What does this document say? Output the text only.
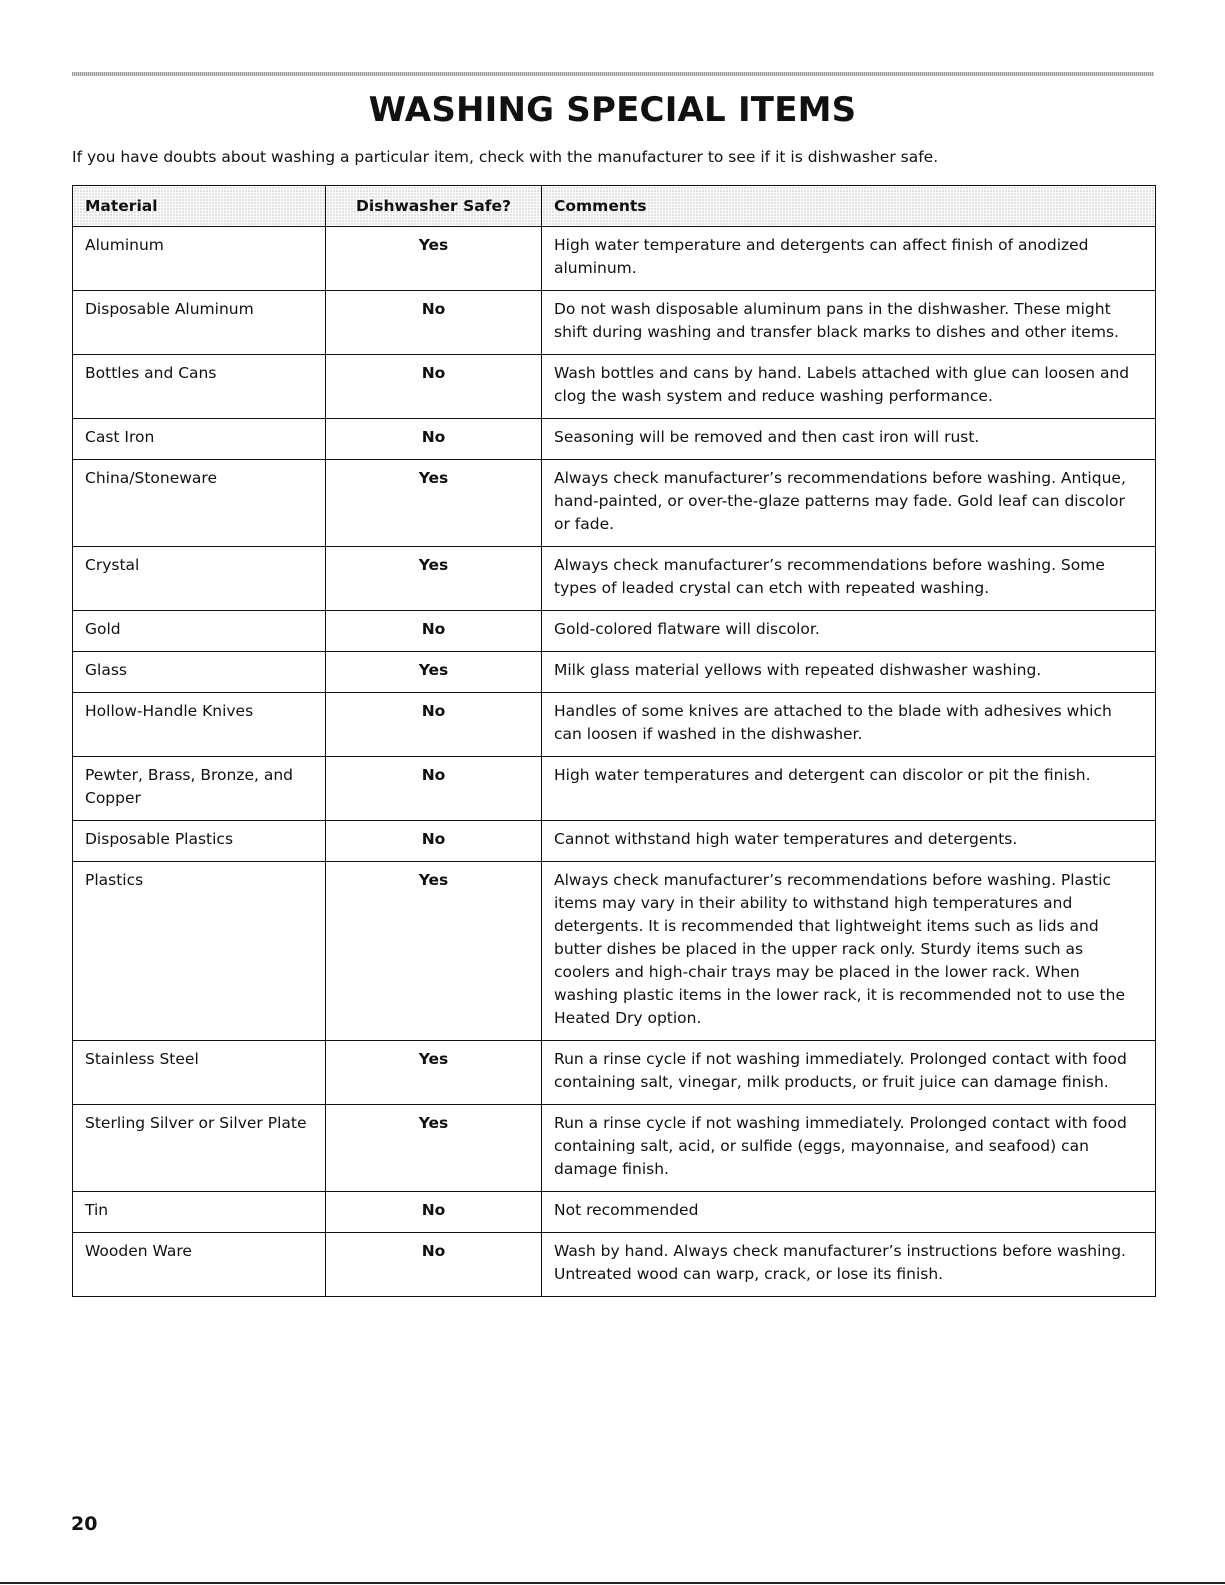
WASHING SPECIAL ITEMS

If you have doubts about washing a particular item, check with the manufacturer to see if it is dishwasher safe.

Material	Dishwasher Safe?	Comments
Aluminum	Yes	High water temperature and detergents can affect finish of anodized aluminum.
Disposable Aluminum	No	Do not wash disposable aluminum pans in the dishwasher. These might shift during washing and transfer black marks to dishes and other items.
Bottles and Cans	No	Wash bottles and cans by hand. Labels attached with glue can loosen and clog the wash system and reduce washing performance.
Cast Iron	No	Seasoning will be removed and then cast iron will rust.
China/Stoneware	Yes	Always check manufacturer’s recommendations before washing. Antique, hand-painted, or over-the-glaze patterns may fade. Gold leaf can discolor or fade.
Crystal	Yes	Always check manufacturer’s recommendations before washing. Some types of leaded crystal can etch with repeated washing.
Gold	No	Gold-colored flatware will discolor.
Glass	Yes	Milk glass material yellows with repeated dishwasher washing.
Hollow-Handle Knives	No	Handles of some knives are attached to the blade with adhesives which can loosen if washed in the dishwasher.
Pewter, Brass, Bronze, and Copper	No	High water temperatures and detergent can discolor or pit the finish.
Disposable Plastics	No	Cannot withstand high water temperatures and detergents.
Plastics	Yes	Always check manufacturer’s recommendations before washing. Plastic items may vary in their ability to withstand high temperatures and detergents. It is recommended that lightweight items such as lids and butter dishes be placed in the upper rack only. Sturdy items such as coolers and high-chair trays may be placed in the lower rack. When washing plastic items in the lower rack, it is recommended not to use the Heated Dry option.
Stainless Steel	Yes	Run a rinse cycle if not washing immediately. Prolonged contact with food containing salt, vinegar, milk products, or fruit juice can damage finish.
Sterling Silver or Silver Plate	Yes	Run a rinse cycle if not washing immediately. Prolonged contact with food containing salt, acid, or sulfide (eggs, mayonnaise, and seafood) can damage finish.
Tin	No	Not recommended
Wooden Ware	No	Wash by hand. Always check manufacturer’s instructions before washing. Untreated wood can warp, crack, or lose its finish.

20
